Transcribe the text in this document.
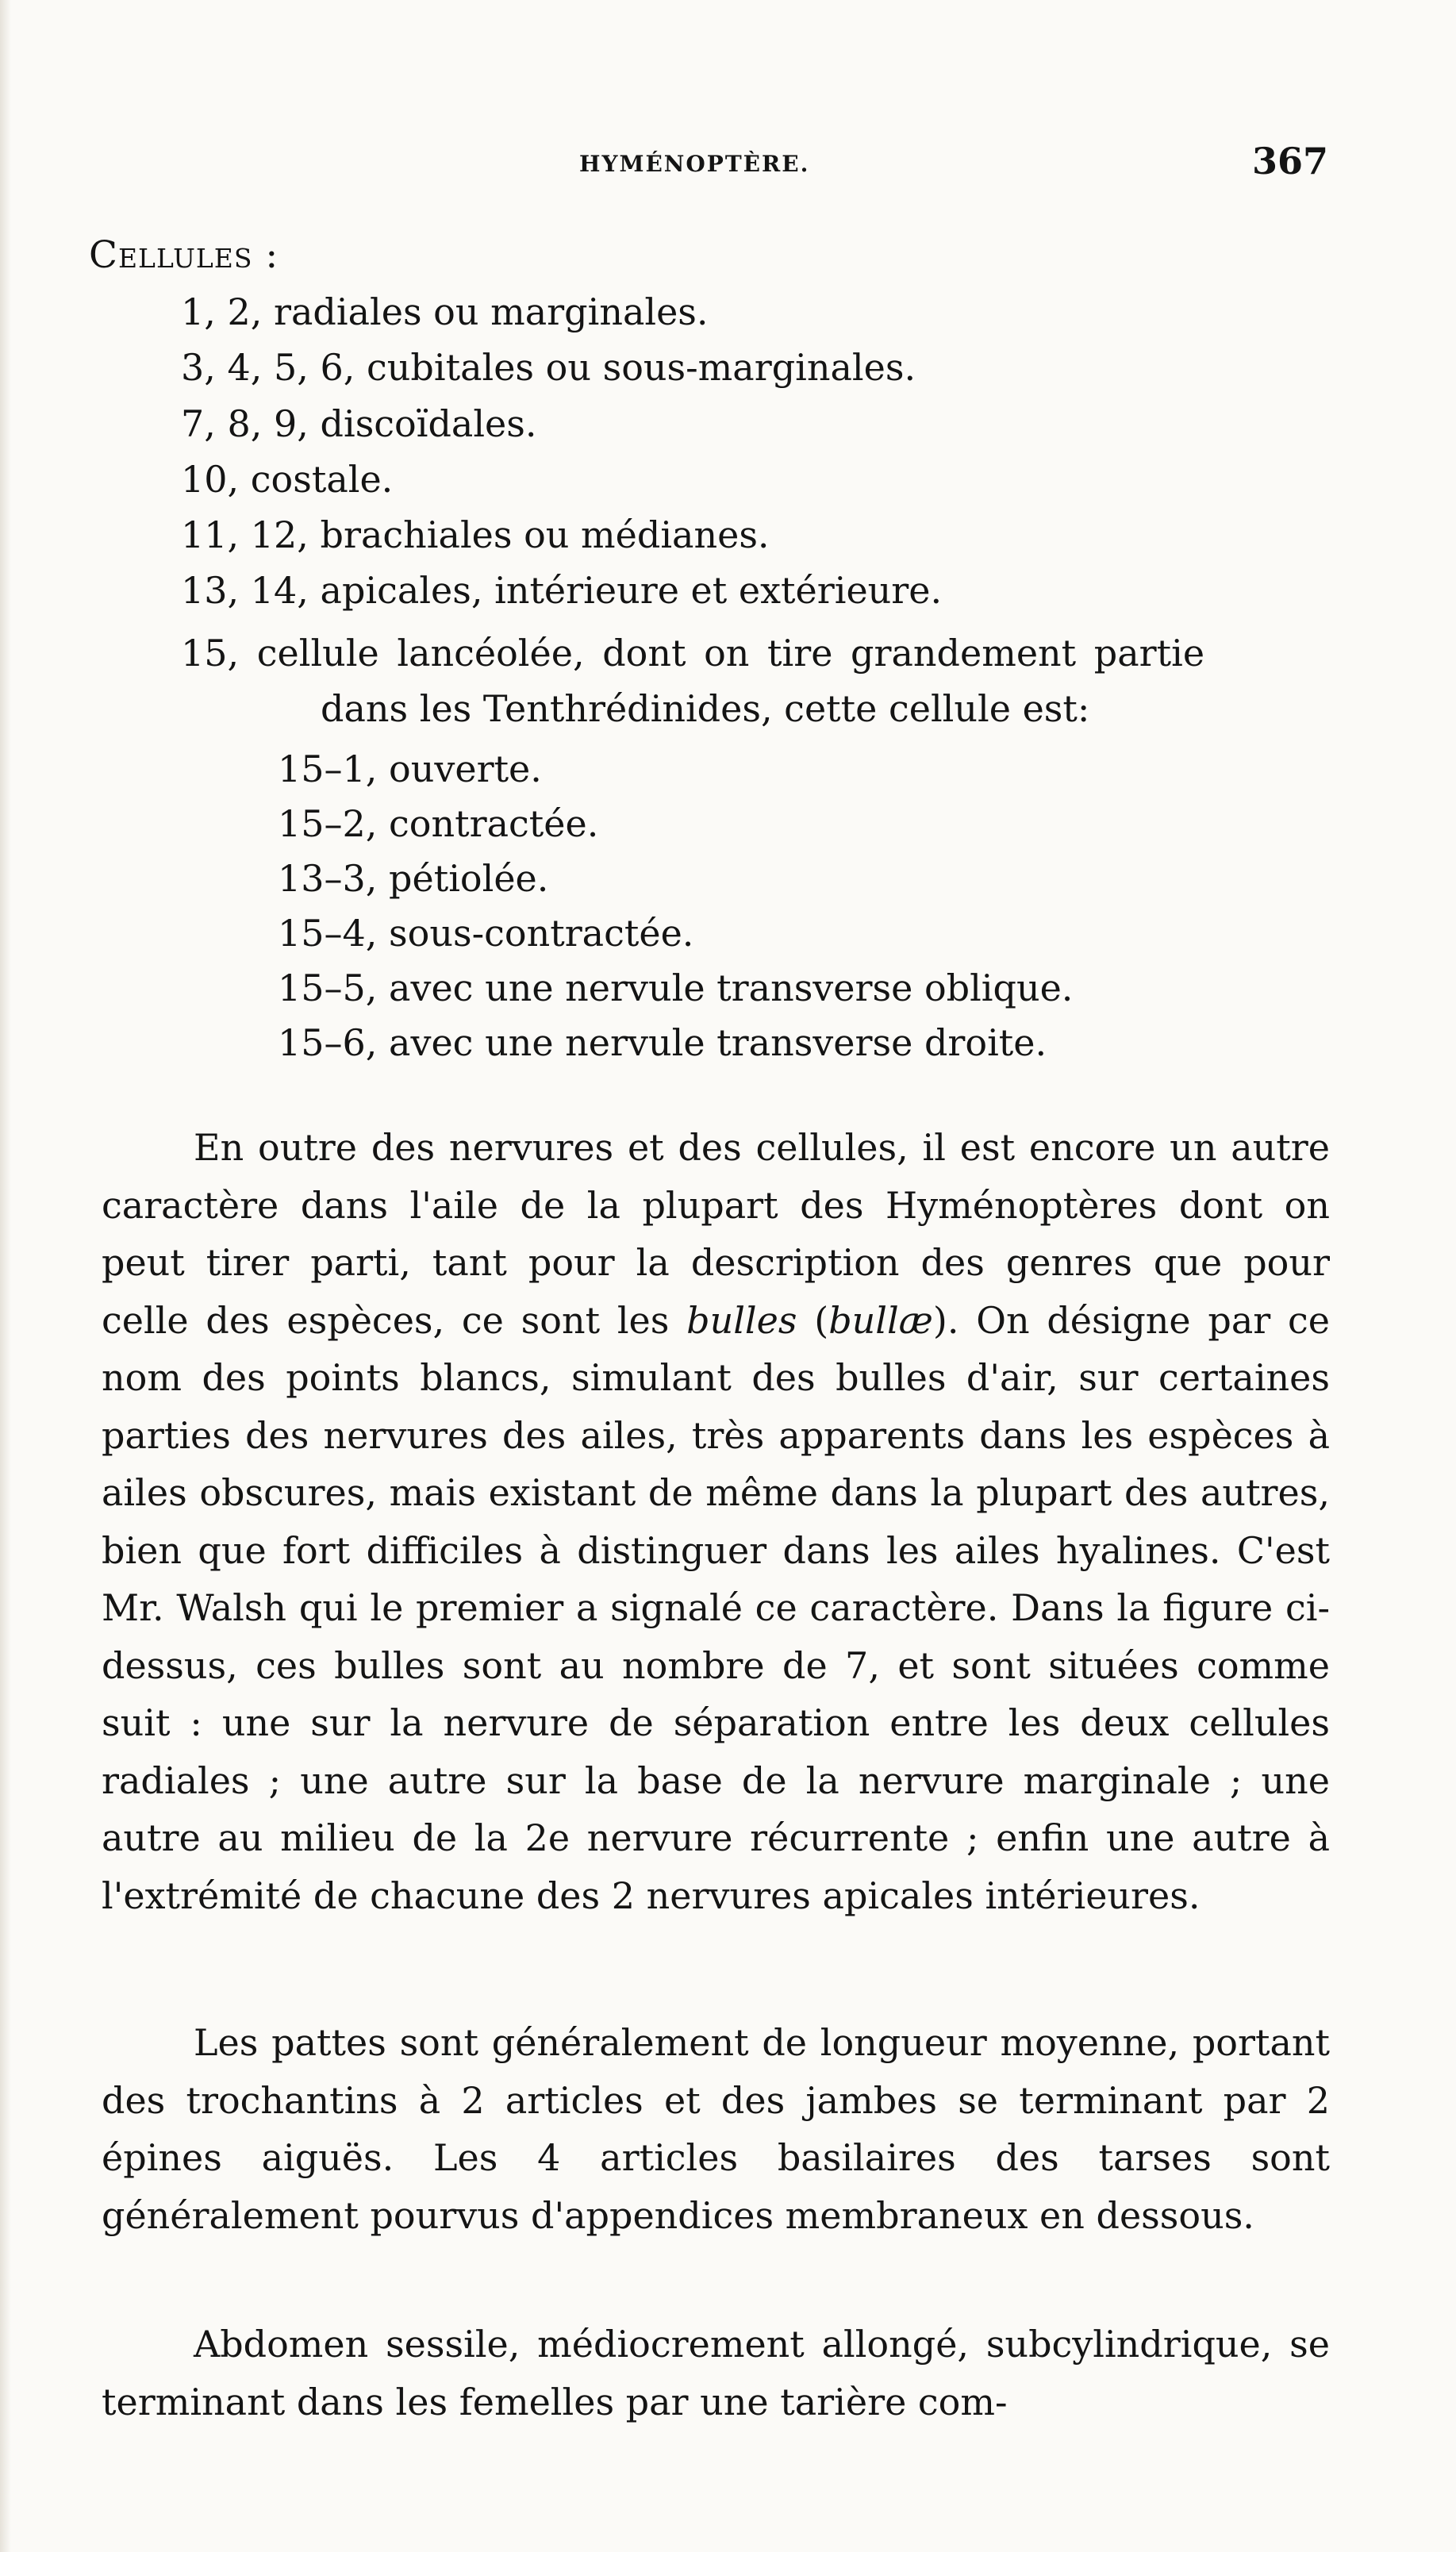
HYMÉNOPTÈRE.	367
Cellules :
1, 2, radiales ou marginales.
3, 4, 5, 6, cubitales ou sous-marginales.
7, 8, 9, discoïdales.
10, costale.
11, 12, brachiales ou médianes.
13, 14, apicales, intérieure et extérieure.
15, cellule lancéolée, dont on tire grandement partie
dans les Tenthrédinides, cette cellule est:
15–1, ouverte.
15–2, contractée.
13–3, pétiolée.
15–4, sous-contractée.
15–5, avec une nervule transverse oblique.
15–6, avec une nervule transverse droite.

En outre des nervures et des cellules, il est encore un autre caractère dans l'aile de la plupart des Hyménoptères dont on peut tirer parti, tant pour la description des genres que pour celle des espèces, ce sont les bulles (bullæ). On désigne par ce nom des points blancs, simulant des bulles d'air, sur certaines parties des nervures des ailes, très apparents dans les espèces à ailes obscures, mais existant de même dans la plupart des autres, bien que fort difficiles à distinguer dans les ailes hyalines. C'est Mr. Walsh qui le premier a signalé ce caractère. Dans la figure ci-dessus, ces bulles sont au nombre de 7, et sont situées comme suit : une sur la nervure de séparation entre les deux cellules radiales ; une autre sur la base de la nervure marginale ; une autre au milieu de la 2e nervure récurrente ; enfin une autre à l'extrémité de chacune des 2 nervures apicales intérieures.

Les pattes sont généralement de longueur moyenne, portant des trochantins à 2 articles et des jambes se terminant par 2 épines aiguës. Les 4 articles basilaires des tarses sont généralement pourvus d'appendices membraneux en dessous.

Abdomen sessile, médiocrement allongé, subcylindrique, se terminant dans les femelles par une tarière com-
